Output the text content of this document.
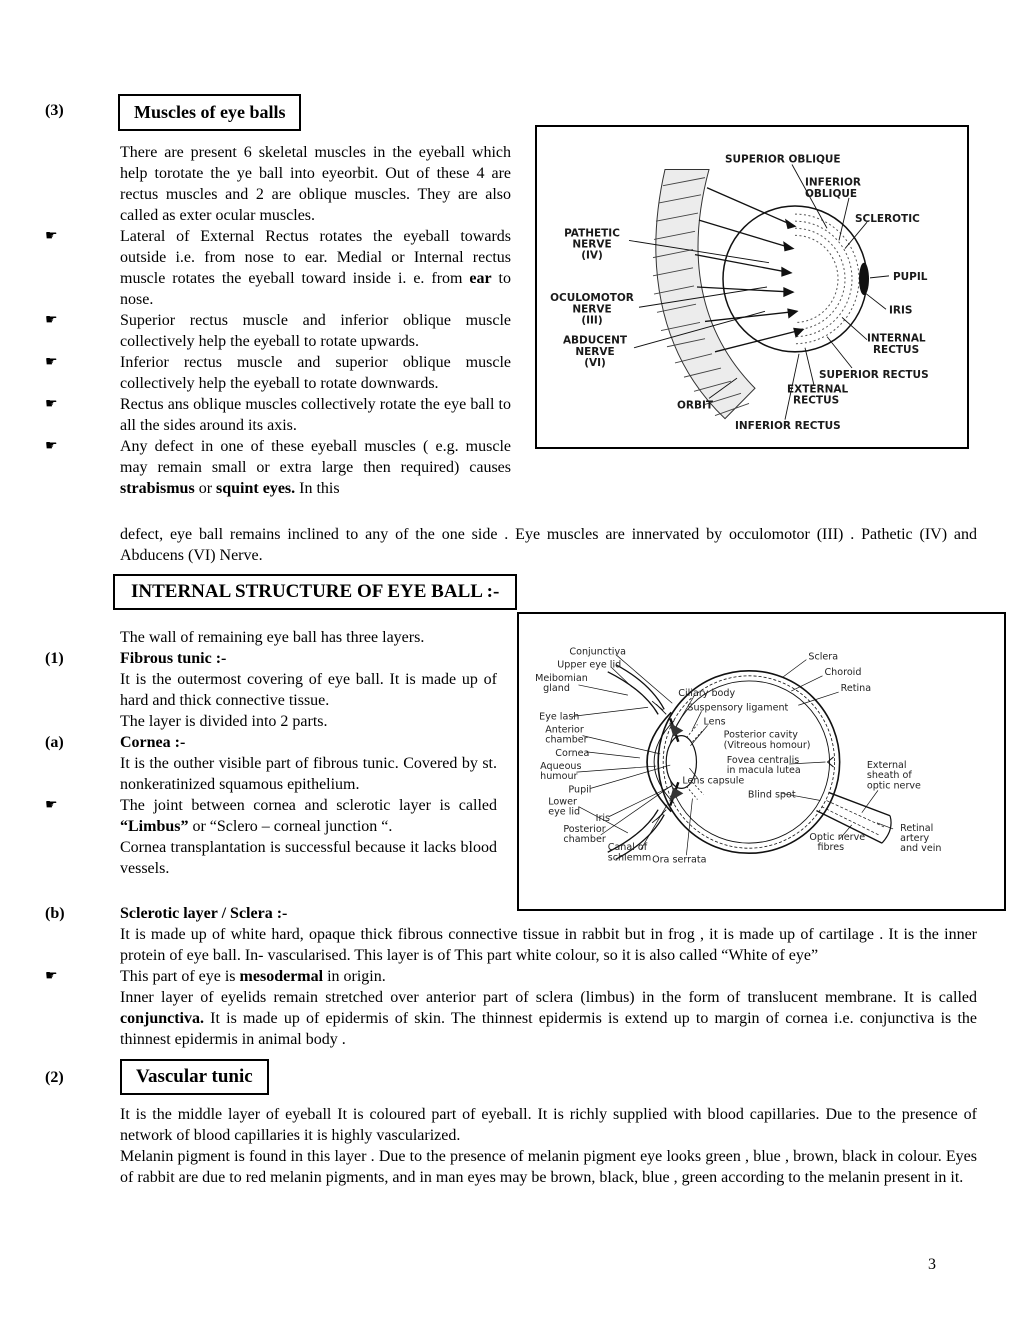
(3)	Muscles of eye balls
SUPERIOR OBLIQUE
INFERIOR
OBLIQUE
SCLEROTIC
PATHETIC
NERVE
(IV)
PUPIL
OCULOMOTOR
NERVE
(III)
IRIS
ABDUCENT
NERVE
(VI)
INTERNAL
RECTUS
SUPERIOR RECTUS
EXTERNAL
RECTUS
ORBIT
INFERIOR RECTUS

There are present 6 skeletal muscles in the eyeball which help torotate the ye ball into eyeorbit. Out of these 4 are rectus muscles and 2 are oblique muscles. They are also called as exter ocular muscles.

☛	Lateral of External Rectus rotates the eyeball towards outside i.e. from nose to ear. Medial or Internal rectus muscle rotates the eyeball toward inside i. e. from ear to nose.

☛	Superior rectus muscle and inferior oblique muscle collectively help the eyeball to rotate upwards.

☛	Inferior rectus muscle and superior oblique muscle collectively help the eyeball to rotate downwards.

☛	Rectus ans oblique muscles collectively rotate the eye ball to all the sides around its axis.

☛	Any defect in one of these eyeball muscles ( e.g. muscle may remain small or extra large then required) causes strabismus or squint eyes. In this

defect, eye ball remains inclined to any of the one side . Eye muscles are innervated by occulomotor (III) . Pathetic (IV) and Abducens (VI) Nerve.

INTERNAL STRUCTURE OF EYE BALL :-
Conjunctiva
Upper eye lid
Meibomian
gland
Eye lash
Anterior
chamber
Cornea
Aqueous
humour
Pupil
Lower
eye lid
Iris
Posterior
chamber
Canal of
schlemm Ora serrata
Ciliary body
Suspensory ligament
Lens
Posterior cavity
(Vitreous homour)
Fovea centralis
in macula lutea
Lens capsule
Blind spot
Sclera
Choroid
Retina
External
sheath of
optic nerve
Optic nerve
fibres
Retinal
artery
and vein

The wall of remaining eye ball has three layers.

(1)	Fibrous tunic :-

It is the outermost covering of eye ball. It is made up of hard and thick connective tissue.

The layer is divided into 2 parts.

(a)	Cornea :-

It is the outher visible part of fibrous tunic. Covered by st. nonkeratinized squamous epithelium.

☛	The joint between cornea and sclerotic layer is called “Limbus” or “Sclero – corneal junction “.

Cornea transplantation is successful because it lacks blood vessels.

(b)	Sclerotic layer / Sclera :-

It is made up of white hard, opaque thick fibrous connective tissue in rabbit but in frog , it is made up of cartilage . It is the inner protein of eye ball. In- vascularised. This layer is of This part white colour, so it is also called “White of eye”

☛	This part of eye is mesodermal in origin.

Inner layer of eyelids remain stretched over anterior part of sclera (limbus) in the form of translucent membrane. It is called conjunctiva. It is made up of epidermis of skin. The thinnest epidermis is extend up to margin of cornea i.e. conjunctiva is the thinnest epidermis in animal body .

(2)	Vascular tunic

It is the middle layer of eyeball It is coloured part of eyeball. It is richly supplied with blood capillaries. Due to the presence of network of blood capillaries it is highly vascularized.

Melanin pigment is found in this layer . Due to the presence of melanin pigment eye looks green , blue , brown, black in colour. Eyes of rabbit are due to red melanin pigments, and in man eyes may be brown, black, blue , green according to the melanin present in it.

3
